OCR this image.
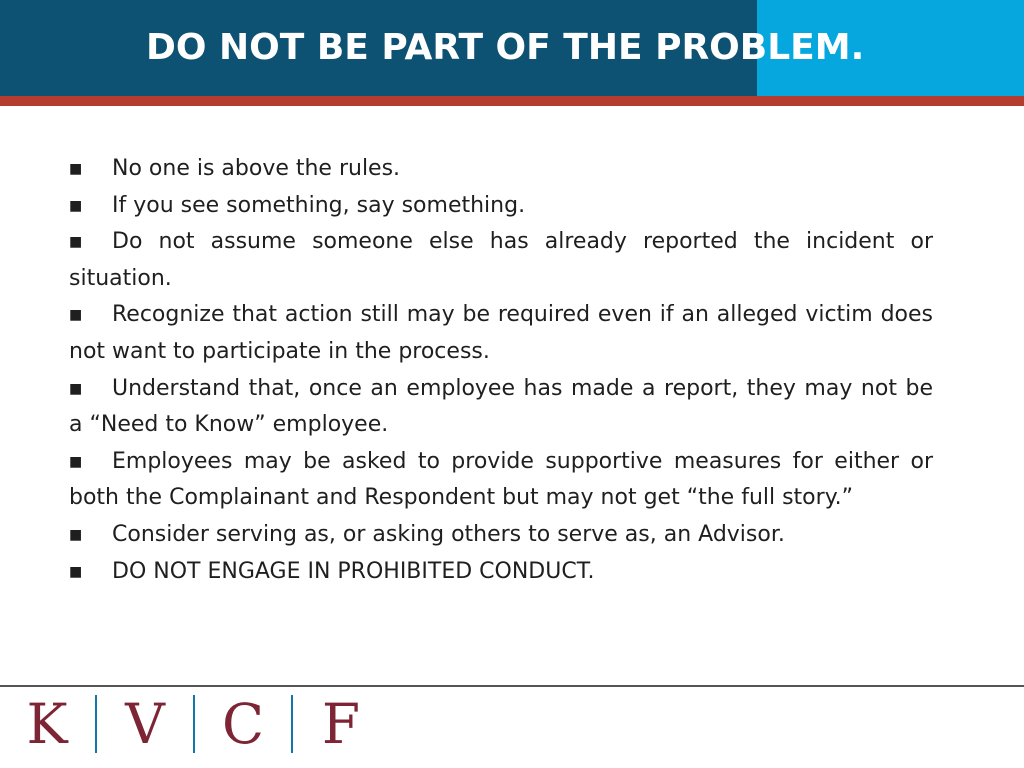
DO NOT BE PART OF THE PROBLEM.
■ No one is above the rules.
■ If you see something, say something.
■ Do not assume someone else has already reported the incident or situation.
■ Recognize that action still may be required even if an alleged victim does not want to participate in the process.
■ Understand that, once an employee has made a report, they may not be a “Need to Know” employee.
■ Employees may be asked to provide supportive measures for either or both the Complainant and Respondent but may not get “the full story.”
■ Consider serving as, or asking others to serve as, an Advisor.
■ DO NOT ENGAGE IN PROHIBITED CONDUCT.
K V C F
